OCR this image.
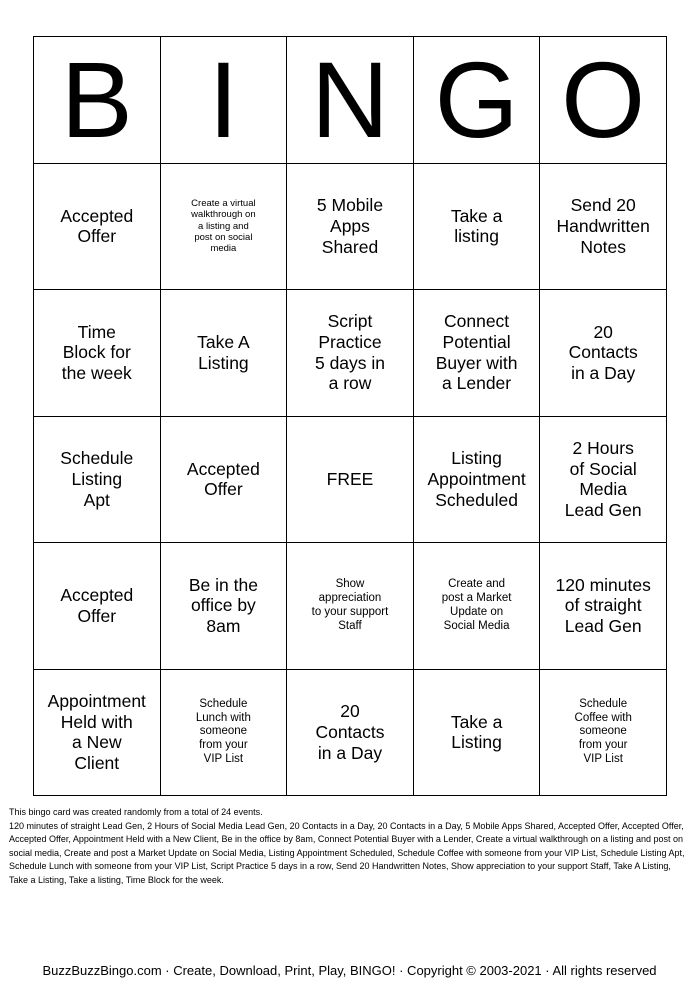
B I N G O
Accepted
Offer
Create a virtual
walkthrough on
a listing and
post on social
media
5 Mobile
Apps
Shared
Take a
listing
Send 20
Handwritten
Notes
Time
Block for
the week
Take A
Listing
Script
Practice
5 days in
a row
Connect
Potential
Buyer with
a Lender
20
Contacts
in a Day
Schedule
Listing
Apt
Accepted
Offer
FREE
Listing
Appointment
Scheduled
2 Hours
of Social
Media
Lead Gen
Accepted
Offer
Be in the
office by
8am
Show
appreciation
to your support
Staff
Create and
post a Market
Update on
Social Media
120 minutes
of straight
Lead Gen
Appointment
Held with
a New
Client
Schedule
Lunch with
someone
from your
VIP List
20
Contacts
in a Day
Take a
Listing
Schedule
Coffee with
someone
from your
VIP List
This bingo card was created randomly from a total of 24 events.
120 minutes of straight Lead Gen, 2 Hours of Social Media Lead Gen, 20 Contacts in a Day, 20 Contacts in a Day, 5 Mobile Apps Shared, Accepted Offer, Accepted Offer, Accepted Offer, Appointment Held with a New Client, Be in the office by 8am, Connect Potential Buyer with a Lender, Create a virtual walkthrough on a listing and post on social media, Create and post a Market Update on Social Media, Listing Appointment Scheduled, Schedule Coffee with someone from your VIP List, Schedule Listing Apt, Schedule Lunch with someone from your VIP List, Script Practice 5 days in a row, Send 20 Handwritten Notes, Show appreciation to your support Staff, Take A Listing, Take a Listing, Take a listing, Time Block for the week.
BuzzBuzzBingo.com · Create, Download, Print, Play, BINGO! · Copyright © 2003-2021 · All rights reserved
